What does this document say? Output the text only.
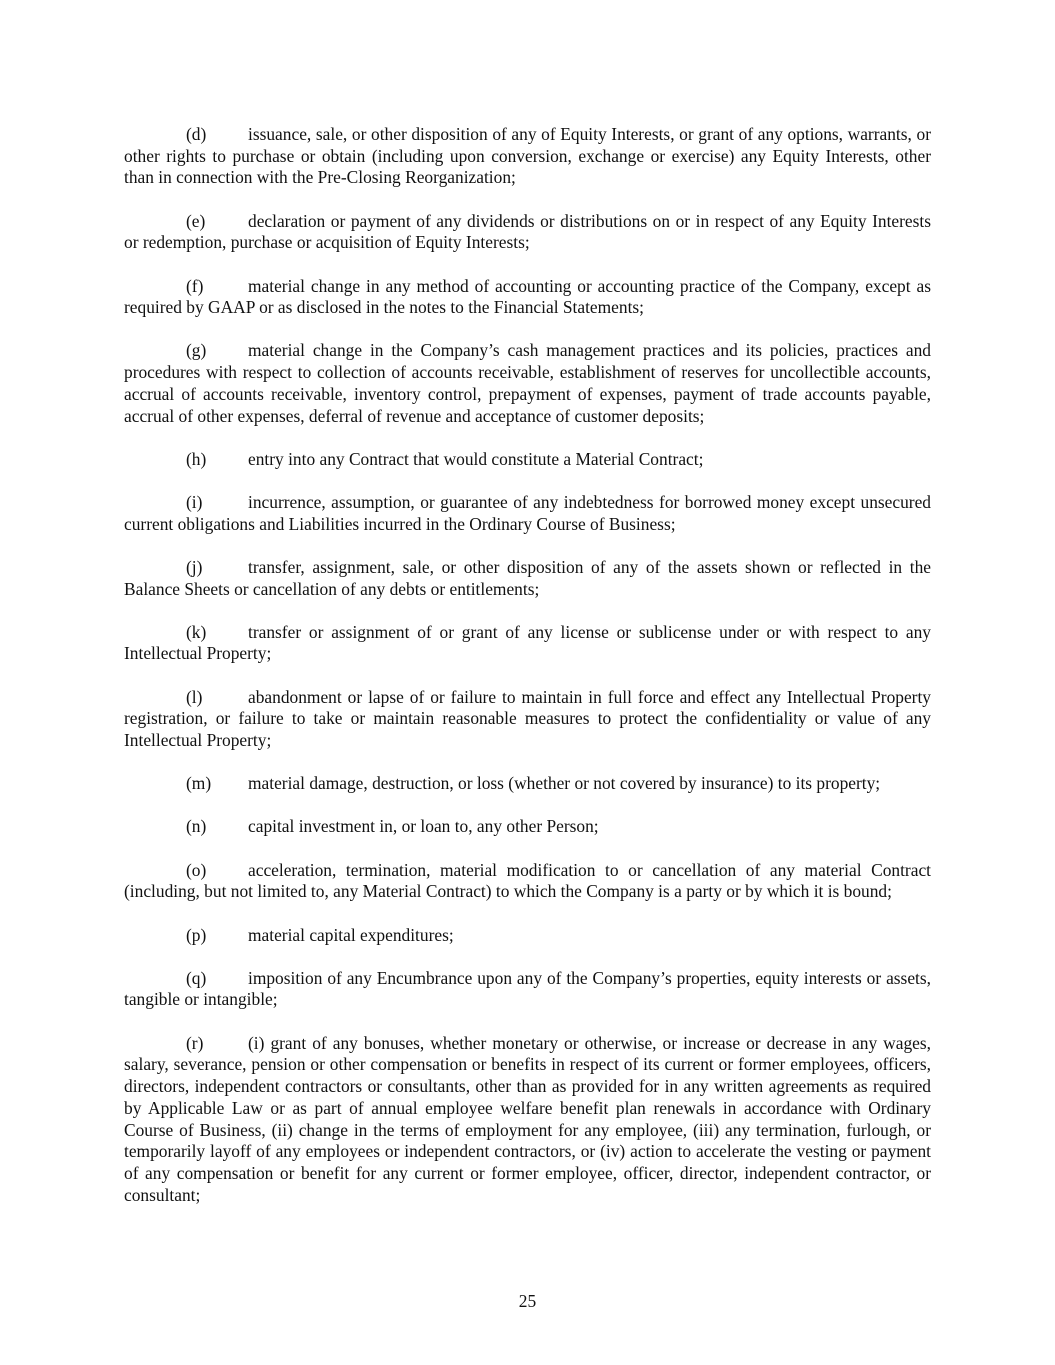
(d) issuance, sale, or other disposition of any of Equity Interests, or grant of any options, warrants, or other rights to purchase or obtain (including upon conversion, exchange or exercise) any Equity Interests, other than in connection with the Pre-Closing Reorganization;

(e) declaration or payment of any dividends or distributions on or in respect of any Equity Interests or redemption, purchase or acquisition of Equity Interests;

(f)	material change in any method of accounting or accounting practice of the Company, except as required by GAAP or as disclosed in the notes to the Financial Statements;

(g) material change in the Company’s cash management practices and its policies, practices and procedures with respect to collection of accounts receivable, establishment of reserves for uncollectible accounts, accrual of accounts receivable, inventory control, prepayment of expenses, payment of trade accounts payable, accrual of other expenses, deferral of revenue and acceptance of customer deposits;

(h) entry into any Contract that would constitute a Material Contract;

(i)	incurrence, assumption, or guarantee of any indebtedness for borrowed money except unsecured current obligations and Liabilities incurred in the Ordinary Course of Business;

(j)	transfer, assignment, sale, or other disposition of any of the assets shown or reflected in the Balance Sheets or cancellation of any debts or entitlements;

(k) transfer or assignment of or grant of any license or sublicense under or with respect to any Intellectual Property;

(l)	abandonment or lapse of or failure to maintain in full force and effect any Intellectual Property registration, or failure to take or maintain reasonable measures to protect the confidentiality or value of any Intellectual Property;

(m) material damage, destruction, or loss (whether or not covered by insurance) to its property;

(n) capital investment in, or loan to, any other Person;

(o) acceleration, termination, material modification to or cancellation of any material Contract (including, but not limited to, any Material Contract) to which the Company is a party or by which it is bound;

(p) material capital expenditures;

(q) imposition of any Encumbrance upon any of the Company’s properties, equity interests or assets, tangible or intangible;

(r)	(i) grant of any bonuses, whether monetary or otherwise, or increase or decrease in any wages, salary, severance, pension or other compensation or benefits in respect of its current or former employees, officers, directors, independent contractors or consultants, other than as provided for in any written agreements as required by Applicable Law or as part of annual employee welfare benefit plan renewals in accordance with Ordinary Course of Business, (ii) change in the terms of employment for any employee, (iii) any termination, furlough, or temporarily layoff of any employees or independent contractors, or (iv) action to accelerate the vesting or payment of any compensation or benefit for any current or former employee, officer, director, independent contractor, or consultant;

25
